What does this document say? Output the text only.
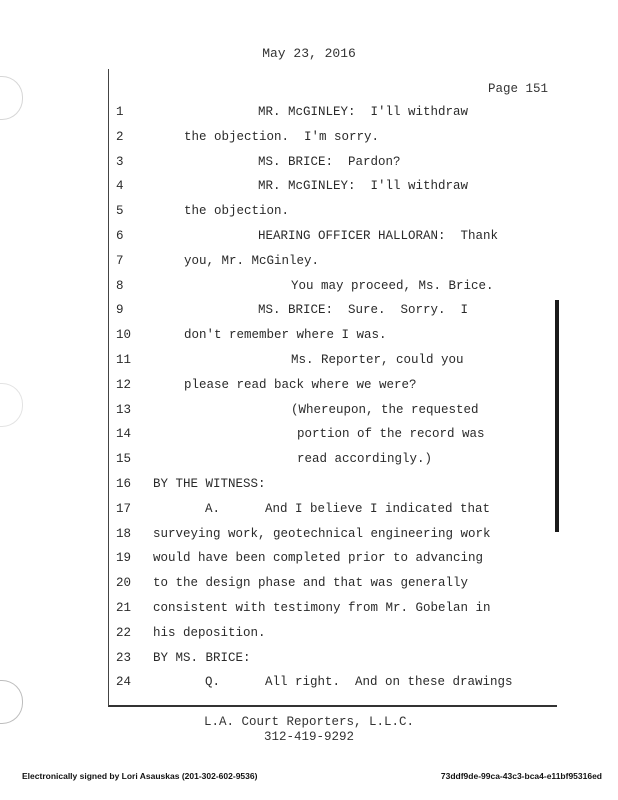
May 23, 2016
Page 151
1	MR. McGINLEY:  I'll withdraw
2	the objection.  I'm sorry.
3	MS. BRICE:  Pardon?
4	MR. McGINLEY:  I'll withdraw
5	the objection.
6	HEARING OFFICER HALLORAN:  Thank
7	you, Mr. McGinley.
8	You may proceed, Ms. Brice.
9	MS. BRICE:  Sure.  Sorry.  I
10	don't remember where I was.
11	Ms. Reporter, could you
12	please read back where we were?
13	(Whereupon, the requested
14	portion of the record was
15	read accordingly.)
16	BY THE WITNESS:
17	A.      And I believe I indicated that
18	surveying work, geotechnical engineering work
19	would have been completed prior to advancing
20	to the design phase and that was generally
21	consistent with testimony from Mr. Gobelan in
22	his deposition.
23	BY MS. BRICE:
24	Q.      All right.  And on these drawings
L.A. Court Reporters, L.L.C.
312-419-9292
Electronically signed by Lori Asauskas (201-302-602-9536)	73ddf9de-99ca-43c3-bca4-e11bf95316ed
